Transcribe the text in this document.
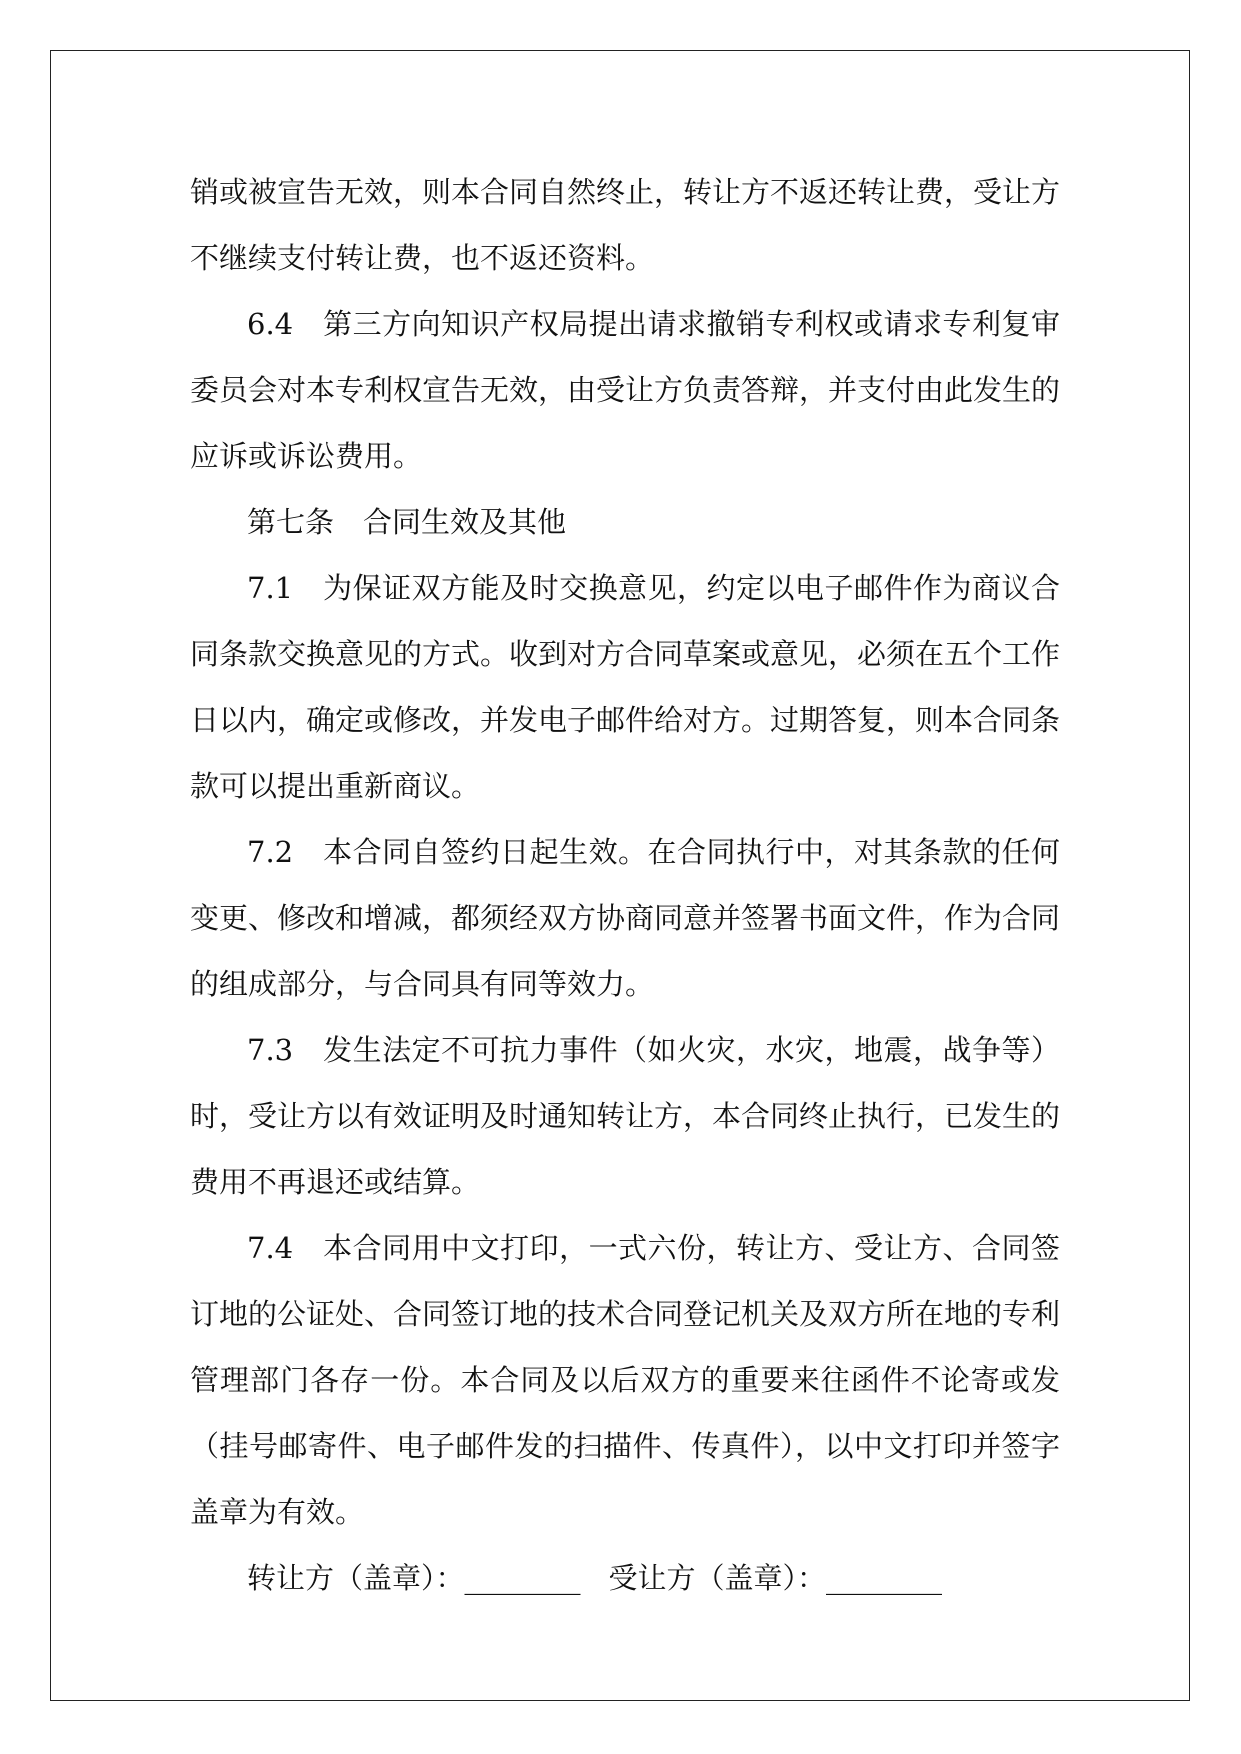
销或被宣告无效，则本合同自然终止，转让方不返还转让费，受让方
不继续支付转让费，也不返还资料。
6.4　第三方向知识产权局提出请求撤销专利权或请求专利复审
委员会对本专利权宣告无效，由受让方负责答辩，并支付由此发生的
应诉或诉讼费用。
第七条　合同生效及其他
7.1　为保证双方能及时交换意见，约定以电子邮件作为商议合
同条款交换意见的方式。收到对方合同草案或意见，必须在五个工作
日以内，确定或修改，并发电子邮件给对方。过期答复，则本合同条
款可以提出重新商议。
7.2　本合同自签约日起生效。在合同执行中，对其条款的任何
变更、修改和增减，都须经双方协商同意并签署书面文件，作为合同
的组成部分，与合同具有同等效力。
7.3　发生法定不可抗力事件（如火灾，水灾，地震，战争等）
时，受让方以有效证明及时通知转让方，本合同终止执行，已发生的
费用不再退还或结算。
7.4　本合同用中文打印，一式六份，转让方、受让方、合同签
订地的公证处、合同签订地的技术合同登记机关及双方所在地的专利
管理部门各存一份。本合同及以后双方的重要来往函件不论寄或发
（挂号邮寄件、电子邮件发的扫描件、传真件），以中文打印并签字
盖章为有效。
转让方（盖章）：________ 受让方（盖章）：________
